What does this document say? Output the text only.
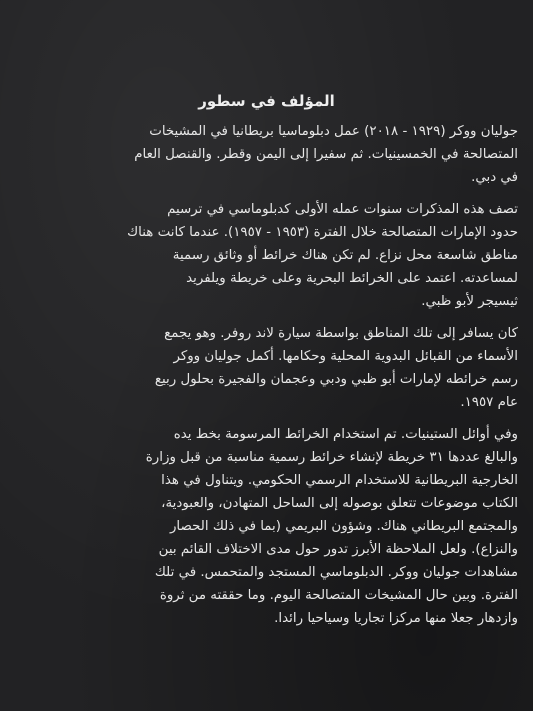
المؤلف في سطور
جوليان ووكر (١٩٢٩ - ٢٠١٨) عمل دبلوماسيا بريطانيا في المشيخات
المتصالحة في الخمسينيات. ثم سفيرا إلى اليمن وقطر. والقنصل العام
في دبي.
تصف هذه المذكرات سنوات عمله الأولى كدبلوماسي في ترسيم
حدود الإمارات المتصالحة خلال الفترة (١٩٥٣ - ١٩٥٧). عندما كانت هناك
مناطق شاسعة محل نزاع. لم تكن هناك خرائط أو وثائق رسمية
لمساعدته. اعتمد على الخرائط البحرية وعلى خريطة ويلفريد
ثيسيجر لأبو ظبي.
كان يسافر إلى تلك المناطق بواسطة سيارة لاند روفر. وهو يجمع
الأسماء من القبائل البدوية المحلية وحكامها. أكمل جوليان ووكر
رسم خرائطه لإمارات أبو ظبي ودبي وعجمان والفجيرة بحلول ربيع
عام ١٩٥٧.
وفي أوائل الستينيات. تم استخدام الخرائط المرسومة بخط يده
والبالغ عددها ٣١ خريطة لإنشاء خرائط رسمية مناسبة من قبل وزارة
الخارجية البريطانية للاستخدام الرسمي الحكومي. ويتناول في هذا
الكتاب موضوعات تتعلق بوصوله إلى الساحل المتهادن، والعبودية،
والمجتمع البريطاني هناك. وشؤون البريمي (بما في ذلك الحصار
والنزاع). ولعل الملاحظة الأبرز تدور حول مدى الاختلاف القائم بين
مشاهدات جوليان ووكر. الدبلوماسي المستجد والمتحمس. في تلك
الفترة. وبين حال المشيخات المتصالحة اليوم. وما حققته من ثروة
وازدهار جعلا منها مركزا تجاريا وسياحيا رائدا.
